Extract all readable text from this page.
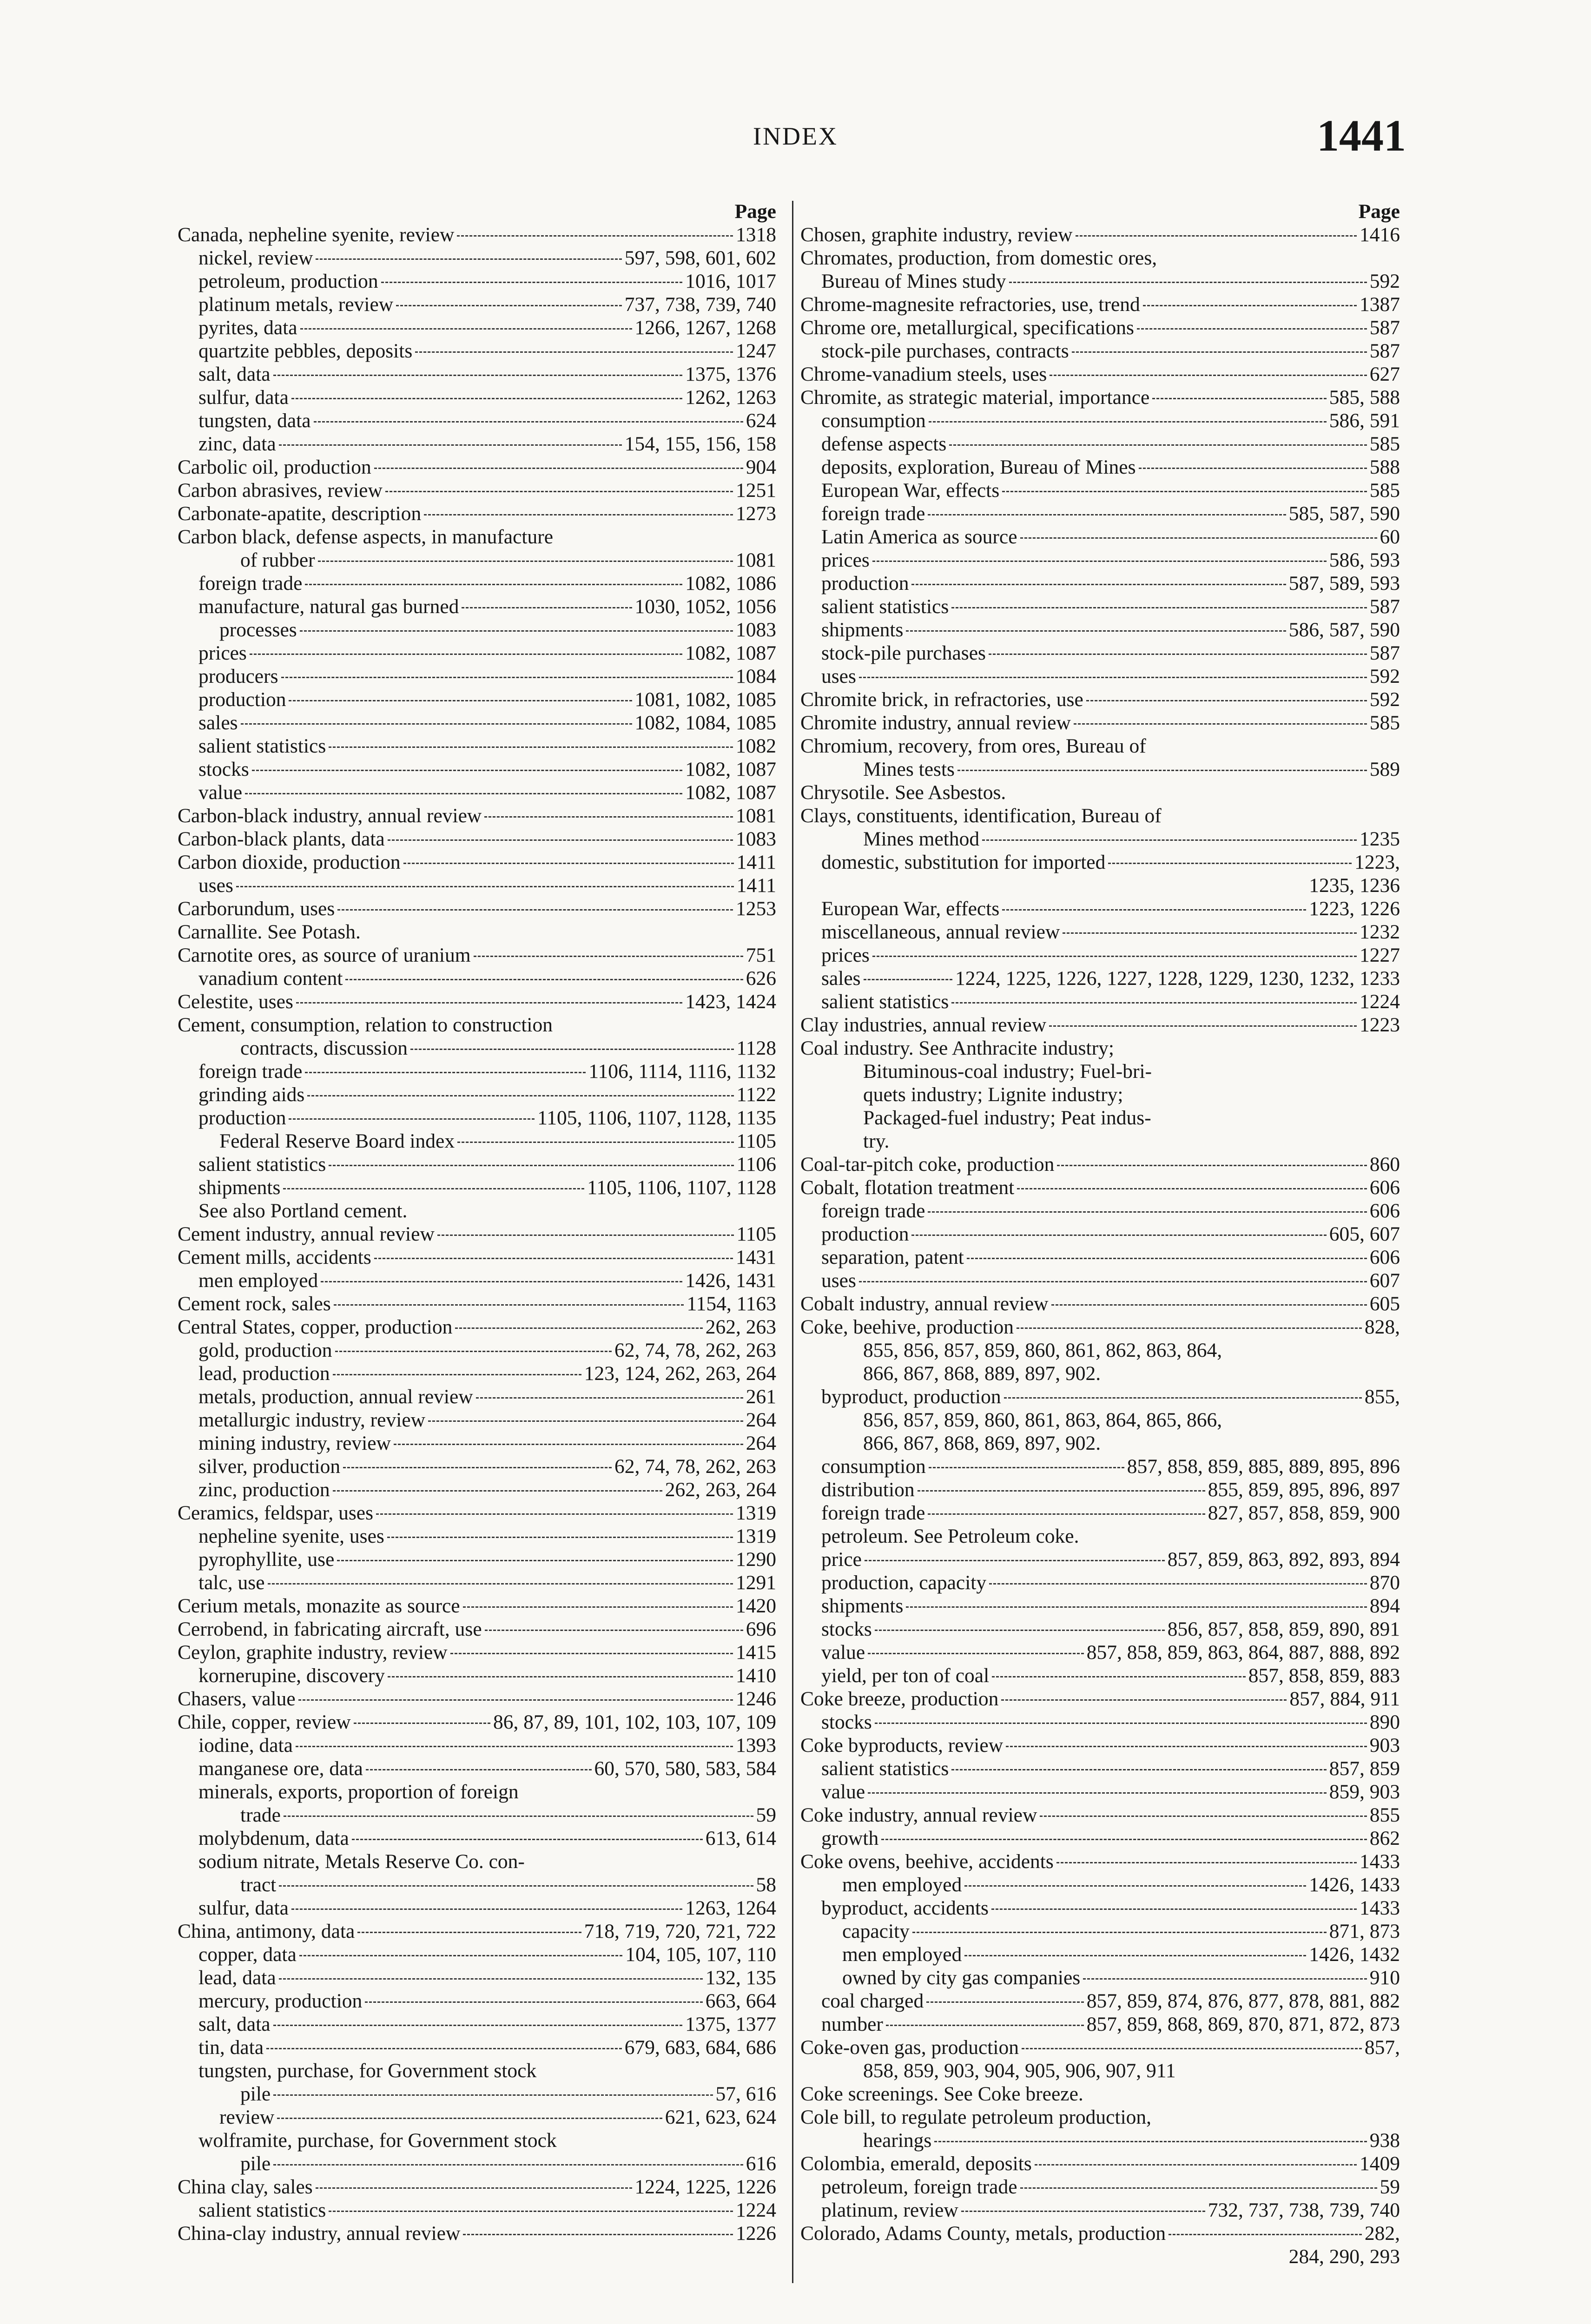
INDEX	1441
Page
Canada, nepheline syenite, review	1318
nickel, review	597, 598, 601, 602
petroleum, production	1016, 1017
platinum metals, review	737, 738, 739, 740
pyrites, data	1266, 1267, 1268
quartzite pebbles, deposits	1247
salt, data	1375, 1376
sulfur, data	1262, 1263
tungsten, data	624
zinc, data	154, 155, 156, 158
Carbolic oil, production	904
Carbon abrasives, review	1251
Carbonate-apatite, description	1273
Carbon black, defense aspects, in manufacture
of rubber	1081
foreign trade	1082, 1086
manufacture, natural gas burned	1030, 1052, 1056
processes	1083
prices	1082, 1087
producers	1084
production	1081, 1082, 1085
sales	1082, 1084, 1085
salient statistics	1082
stocks	1082, 1087
value	1082, 1087
Carbon-black industry, annual review	1081
Carbon-black plants, data	1083
Carbon dioxide, production	1411
uses	1411
Carborundum, uses	1253
Carnallite. See Potash.
Carnotite ores, as source of uranium	751
vanadium content	626
Celestite, uses	1423, 1424
Cement, consumption, relation to construction
contracts, discussion	1128
foreign trade	1106, 1114, 1116, 1132
grinding aids	1122
production	1105, 1106, 1107, 1128, 1135
Federal Reserve Board index	1105
salient statistics	1106
shipments	1105, 1106, 1107, 1128
See also Portland cement.
Cement industry, annual review	1105
Cement mills, accidents	1431
men employed	1426, 1431
Cement rock, sales	1154, 1163
Central States, copper, production	262, 263
gold, production	62, 74, 78, 262, 263
lead, production	123, 124, 262, 263, 264
metals, production, annual review	261
metallurgic industry, review	264
mining industry, review	264
silver, production	62, 74, 78, 262, 263
zinc, production	262, 263, 264
Ceramics, feldspar, uses	1319
nepheline syenite, uses	1319
pyrophyllite, use	1290
talc, use	1291
Cerium metals, monazite as source	1420
Cerrobend, in fabricating aircraft, use	696
Ceylon, graphite industry, review	1415
kornerupine, discovery	1410
Chasers, value	1246
Chile, copper, review	86, 87, 89, 101, 102, 103, 107, 109
iodine, data	1393
manganese ore, data	60, 570, 580, 583, 584
minerals, exports, proportion of foreign
trade	59
molybdenum, data	613, 614
sodium nitrate, Metals Reserve Co. con-
tract	58
sulfur, data	1263, 1264
China, antimony, data	718, 719, 720, 721, 722
copper, data	104, 105, 107, 110
lead, data	132, 135
mercury, production	663, 664
salt, data	1375, 1377
tin, data	679, 683, 684, 686
tungsten, purchase, for Government stock
pile	57, 616
review	621, 623, 624
wolframite, purchase, for Government stock
pile	616
China clay, sales	1224, 1225, 1226
salient statistics	1224
China-clay industry, annual review	1226
Page
Chosen, graphite industry, review	1416
Chromates, production, from domestic ores,
Bureau of Mines study	592
Chrome-magnesite refractories, use, trend	1387
Chrome ore, metallurgical, specifications	587
stock-pile purchases, contracts	587
Chrome-vanadium steels, uses	627
Chromite, as strategic material, importance	585, 588
consumption	586, 591
defense aspects	585
deposits, exploration, Bureau of Mines	588
European War, effects	585
foreign trade	585, 587, 590
Latin America as source	60
prices	586, 593
production	587, 589, 593
salient statistics	587
shipments	586, 587, 590
stock-pile purchases	587
uses	592
Chromite brick, in refractories, use	592
Chromite industry, annual review	585
Chromium, recovery, from ores, Bureau of
Mines tests	589
Chrysotile. See Asbestos.
Clays, constituents, identification, Bureau of
Mines method	1235
domestic, substitution for imported	1223,
1235, 1236
European War, effects	1223, 1226
miscellaneous, annual review	1232
prices	1227
sales	1224, 1225, 1226, 1227, 1228, 1229, 1230, 1232, 1233
salient statistics	1224
Clay industries, annual review	1223
Coal industry. See Anthracite industry;
Bituminous-coal industry; Fuel-bri-
quets industry; Lignite industry;
Packaged-fuel industry; Peat indus-
try.
Coal-tar-pitch coke, production	860
Cobalt, flotation treatment	606
foreign trade	606
production	605, 607
separation, patent	606
uses	607
Cobalt industry, annual review	605
Coke, beehive, production	828,
855, 856, 857, 859, 860, 861, 862, 863, 864,
866, 867, 868, 889, 897, 902.
byproduct, production	855,
856, 857, 859, 860, 861, 863, 864, 865, 866,
866, 867, 868, 869, 897, 902.
consumption	857, 858, 859, 885, 889, 895, 896
distribution	855, 859, 895, 896, 897
foreign trade	827, 857, 858, 859, 900
petroleum. See Petroleum coke.
price	857, 859, 863, 892, 893, 894
production, capacity	870
shipments	894
stocks	856, 857, 858, 859, 890, 891
value	857, 858, 859, 863, 864, 887, 888, 892
yield, per ton of coal	857, 858, 859, 883
Coke breeze, production	857, 884, 911
stocks	890
Coke byproducts, review	903
salient statistics	857, 859
value	859, 903
Coke industry, annual review	855
growth	862
Coke ovens, beehive, accidents	1433
men employed	1426, 1433
byproduct, accidents	1433
capacity	871, 873
men employed	1426, 1432
owned by city gas companies	910
coal charged	857, 859, 874, 876, 877, 878, 881, 882
number	857, 859, 868, 869, 870, 871, 872, 873
Coke-oven gas, production	857,
858, 859, 903, 904, 905, 906, 907, 911
Coke screenings. See Coke breeze.
Cole bill, to regulate petroleum production,
hearings	938
Colombia, emerald, deposits	1409
petroleum, foreign trade	59
platinum, review	732, 737, 738, 739, 740
Colorado, Adams County, metals, production	282,
284, 290, 293
